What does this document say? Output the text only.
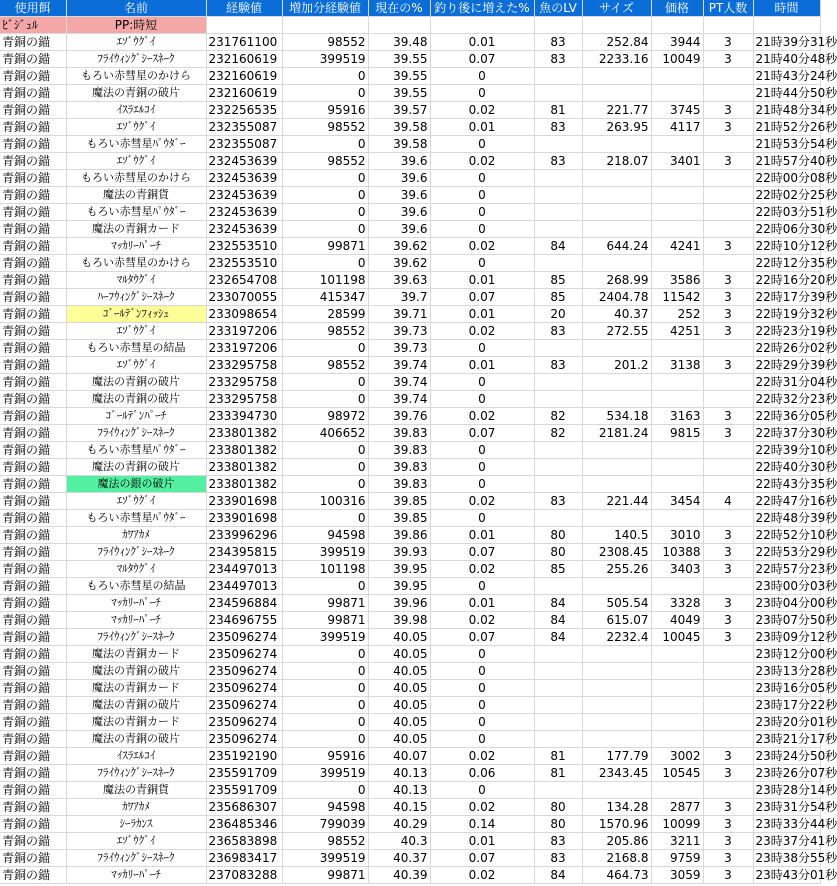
使用餌	名前	経験値	増加分経験値	現在の%	釣り後に増えた%	魚のLV	サイズ	価格	PT人数	時間
ﾋﾞｼﾞｭﾙ	PP:時短									
青銅の錨	ｴｿﾞｳｸﾞｲ	231761100	98552	39.48	0.01	83	252.84	3944	3	21時39分31秒
青銅の錨	ﾌﾗｲｳｨﾝｸﾞｼｰｽﾈｰｸ	232160619	399519	39.55	0.07	83	2233.16	10049	3	21時40分48秒
青銅の錨	もろい赤彗星のかけら	232160619	0	39.55	0					21時43分24秒
青銅の錨	魔法の青銅の破片	232160619	0	39.55	0					21時44分50秒
青銅の錨	ｲｽﾗｴﾙｺｲ	232256535	95916	39.57	0.02	81	221.77	3745	3	21時48分34秒
青銅の錨	ｴｿﾞｳｸﾞｲ	232355087	98552	39.58	0.01	83	263.95	4117	3	21時52分26秒
青銅の錨	もろい赤彗星ﾊﾟｳﾀﾞｰ	232355087	0	39.58	0					21時53分54秒
青銅の錨	ｴｿﾞｳｸﾞｲ	232453639	98552	39.6	0.02	83	218.07	3401	3	21時57分40秒
青銅の錨	もろい赤彗星のかけら	232453639	0	39.6	0					22時00分08秒
青銅の錨	魔法の青銅貨	232453639	0	39.6	0					22時02分25秒
青銅の錨	もろい赤彗星ﾊﾟｳﾀﾞｰ	232453639	0	39.6	0					22時03分51秒
青銅の錨	魔法の青銅カード	232453639	0	39.6	0					22時06分30秒
青銅の錨	ﾏｯｶﾘｰﾊﾟｰﾁ	232553510	99871	39.62	0.02	84	644.24	4241	3	22時10分12秒
青銅の錨	もろい赤彗星のかけら	232553510	0	39.62	0					22時12分35秒
青銅の錨	ﾏﾙﾀｳｸﾞｲ	232654708	101198	39.63	0.01	85	268.99	3586	3	22時16分20秒
青銅の錨	ﾊｰﾌｳｨﾝｸﾞｼｰｽﾈｰｸ	233070055	415347	39.7	0.07	85	2404.78	11542	3	22時17分39秒
青銅の錨	ｺﾞｰﾙﾃﾞﾝﾌｨｯｼｭ	233098654	28599	39.71	0.01	20	40.37	252	3	22時19分32秒
青銅の錨	ｴｿﾞｳｸﾞｲ	233197206	98552	39.73	0.02	83	272.55	4251	3	22時23分19秒
青銅の錨	もろい赤彗星の結晶	233197206	0	39.73	0					22時26分02秒
青銅の錨	ｴｿﾞｳｸﾞｲ	233295758	98552	39.74	0.01	83	201.2	3138	3	22時29分39秒
青銅の錨	魔法の青銅の破片	233295758	0	39.74	0					22時31分04秒
青銅の錨	魔法の青銅の破片	233295758	0	39.74	0					22時32分23秒
青銅の錨	ｺﾞｰﾙﾃﾞﾝﾊﾟｰﾁ	233394730	98972	39.76	0.02	82	534.18	3163	3	22時36分05秒
青銅の錨	ﾌﾗｲｳｨﾝｸﾞｼｰｽﾈｰｸ	233801382	406652	39.83	0.07	82	2181.24	9815	3	22時37分30秒
青銅の錨	もろい赤彗星ﾊﾟｳﾀﾞｰ	233801382	0	39.83	0					22時39分10秒
青銅の錨	魔法の青銅の破片	233801382	0	39.83	0					22時40分30秒
青銅の錨	魔法の銀の破片	233801382	0	39.83	0					22時43分35秒
青銅の錨	ｴｿﾞｳｸﾞｲ	233901698	100316	39.85	0.02	83	221.44	3454	4	22時47分16秒
青銅の錨	もろい赤彗星ﾊﾟｳﾀﾞｰ	233901698	0	39.85	0					22時48分39秒
青銅の錨	ｶﾜｱｶﾒ	233996296	94598	39.86	0.01	80	140.5	3010	3	22時52分10秒
青銅の錨	ﾌﾗｲｳｨﾝｸﾞｼｰｽﾈｰｸ	234395815	399519	39.93	0.07	80	2308.45	10388	3	22時53分29秒
青銅の錨	ﾏﾙﾀｳｸﾞｲ	234497013	101198	39.95	0.02	85	255.26	3403	3	22時57分23秒
青銅の錨	もろい赤彗星の結晶	234497013	0	39.95	0					23時00分03秒
青銅の錨	ﾏｯｶﾘｰﾊﾟｰﾁ	234596884	99871	39.96	0.01	84	505.54	3328	3	23時04分00秒
青銅の錨	ﾏｯｶﾘｰﾊﾟｰﾁ	234696755	99871	39.98	0.02	84	615.07	4049	3	23時07分50秒
青銅の錨	ﾌﾗｲｳｨﾝｸﾞｼｰｽﾈｰｸ	235096274	399519	40.05	0.07	84	2232.4	10045	3	23時09分12秒
青銅の錨	魔法の青銅カード	235096274	0	40.05	0					23時12分00秒
青銅の錨	魔法の青銅の破片	235096274	0	40.05	0					23時13分28秒
青銅の錨	魔法の青銅カード	235096274	0	40.05	0					23時16分05秒
青銅の錨	魔法の青銅の破片	235096274	0	40.05	0					23時17分22秒
青銅の錨	魔法の青銅カード	235096274	0	40.05	0					23時20分01秒
青銅の錨	魔法の青銅の破片	235096274	0	40.05	0					23時21分17秒
青銅の錨	ｲｽﾗｴﾙｺｲ	235192190	95916	40.07	0.02	81	177.79	3002	3	23時24分50秒
青銅の錨	ﾌﾗｲｳｨﾝｸﾞｼｰｽﾈｰｸ	235591709	399519	40.13	0.06	81	2343.45	10545	3	23時26分07秒
青銅の錨	魔法の青銅貨	235591709	0	40.13	0					23時28分14秒
青銅の錨	ｶﾜｱｶﾒ	235686307	94598	40.15	0.02	80	134.28	2877	3	23時31分54秒
青銅の錨	ｼｰﾗｶﾝｽ	236485346	799039	40.29	0.14	80	1570.96	10099	3	23時33分44秒
青銅の錨	ｴｿﾞｳｸﾞｲ	236583898	98552	40.3	0.01	83	205.86	3211	3	23時37分41秒
青銅の錨	ﾌﾗｲｳｨﾝｸﾞｼｰｽﾈｰｸ	236983417	399519	40.37	0.07	83	2168.8	9759	3	23時38分55秒
青銅の錨	ﾏｯｶﾘｰﾊﾟｰﾁ	237083288	99871	40.39	0.02	84	464.73	3059	3	23時43分01秒
